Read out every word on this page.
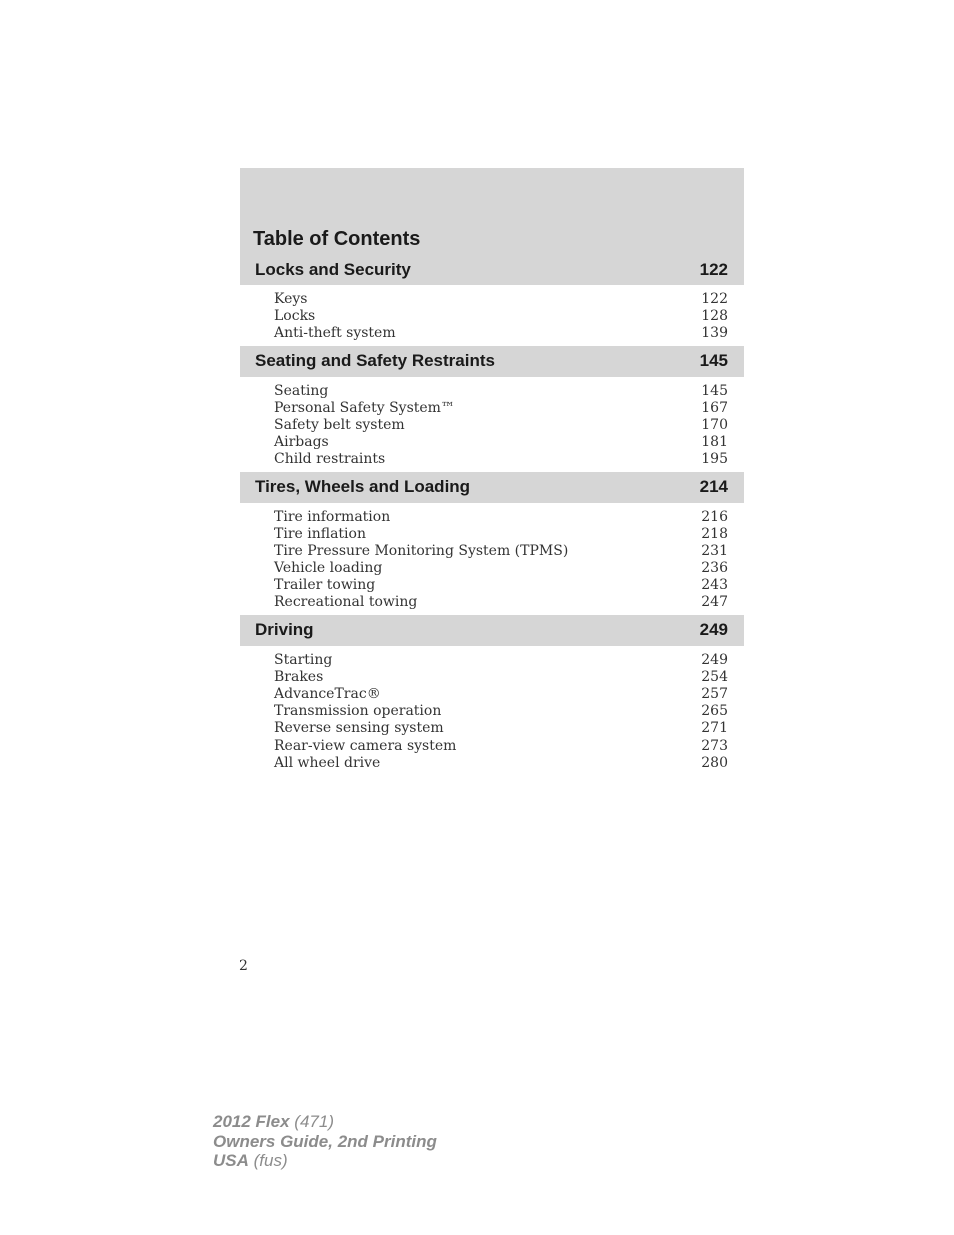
Table of Contents
Locks and Security	122
Keys	122
Locks	128
Anti-theft system	139
Seating and Safety Restraints	145
Seating	145
Personal Safety System™	167
Safety belt system	170
Airbags	181
Child restraints	195
Tires, Wheels and Loading	214
Tire information	216
Tire inflation	218
Tire Pressure Monitoring System (TPMS)	231
Vehicle loading	236
Trailer towing	243
Recreational towing	247
Driving	249
Starting	249
Brakes	254
AdvanceTrac®	257
Transmission operation	265
Reverse sensing system	271
Rear-view camera system	273
All wheel drive	280
2
2012 Flex (471)
Owners Guide, 2nd Printing
USA (fus)
